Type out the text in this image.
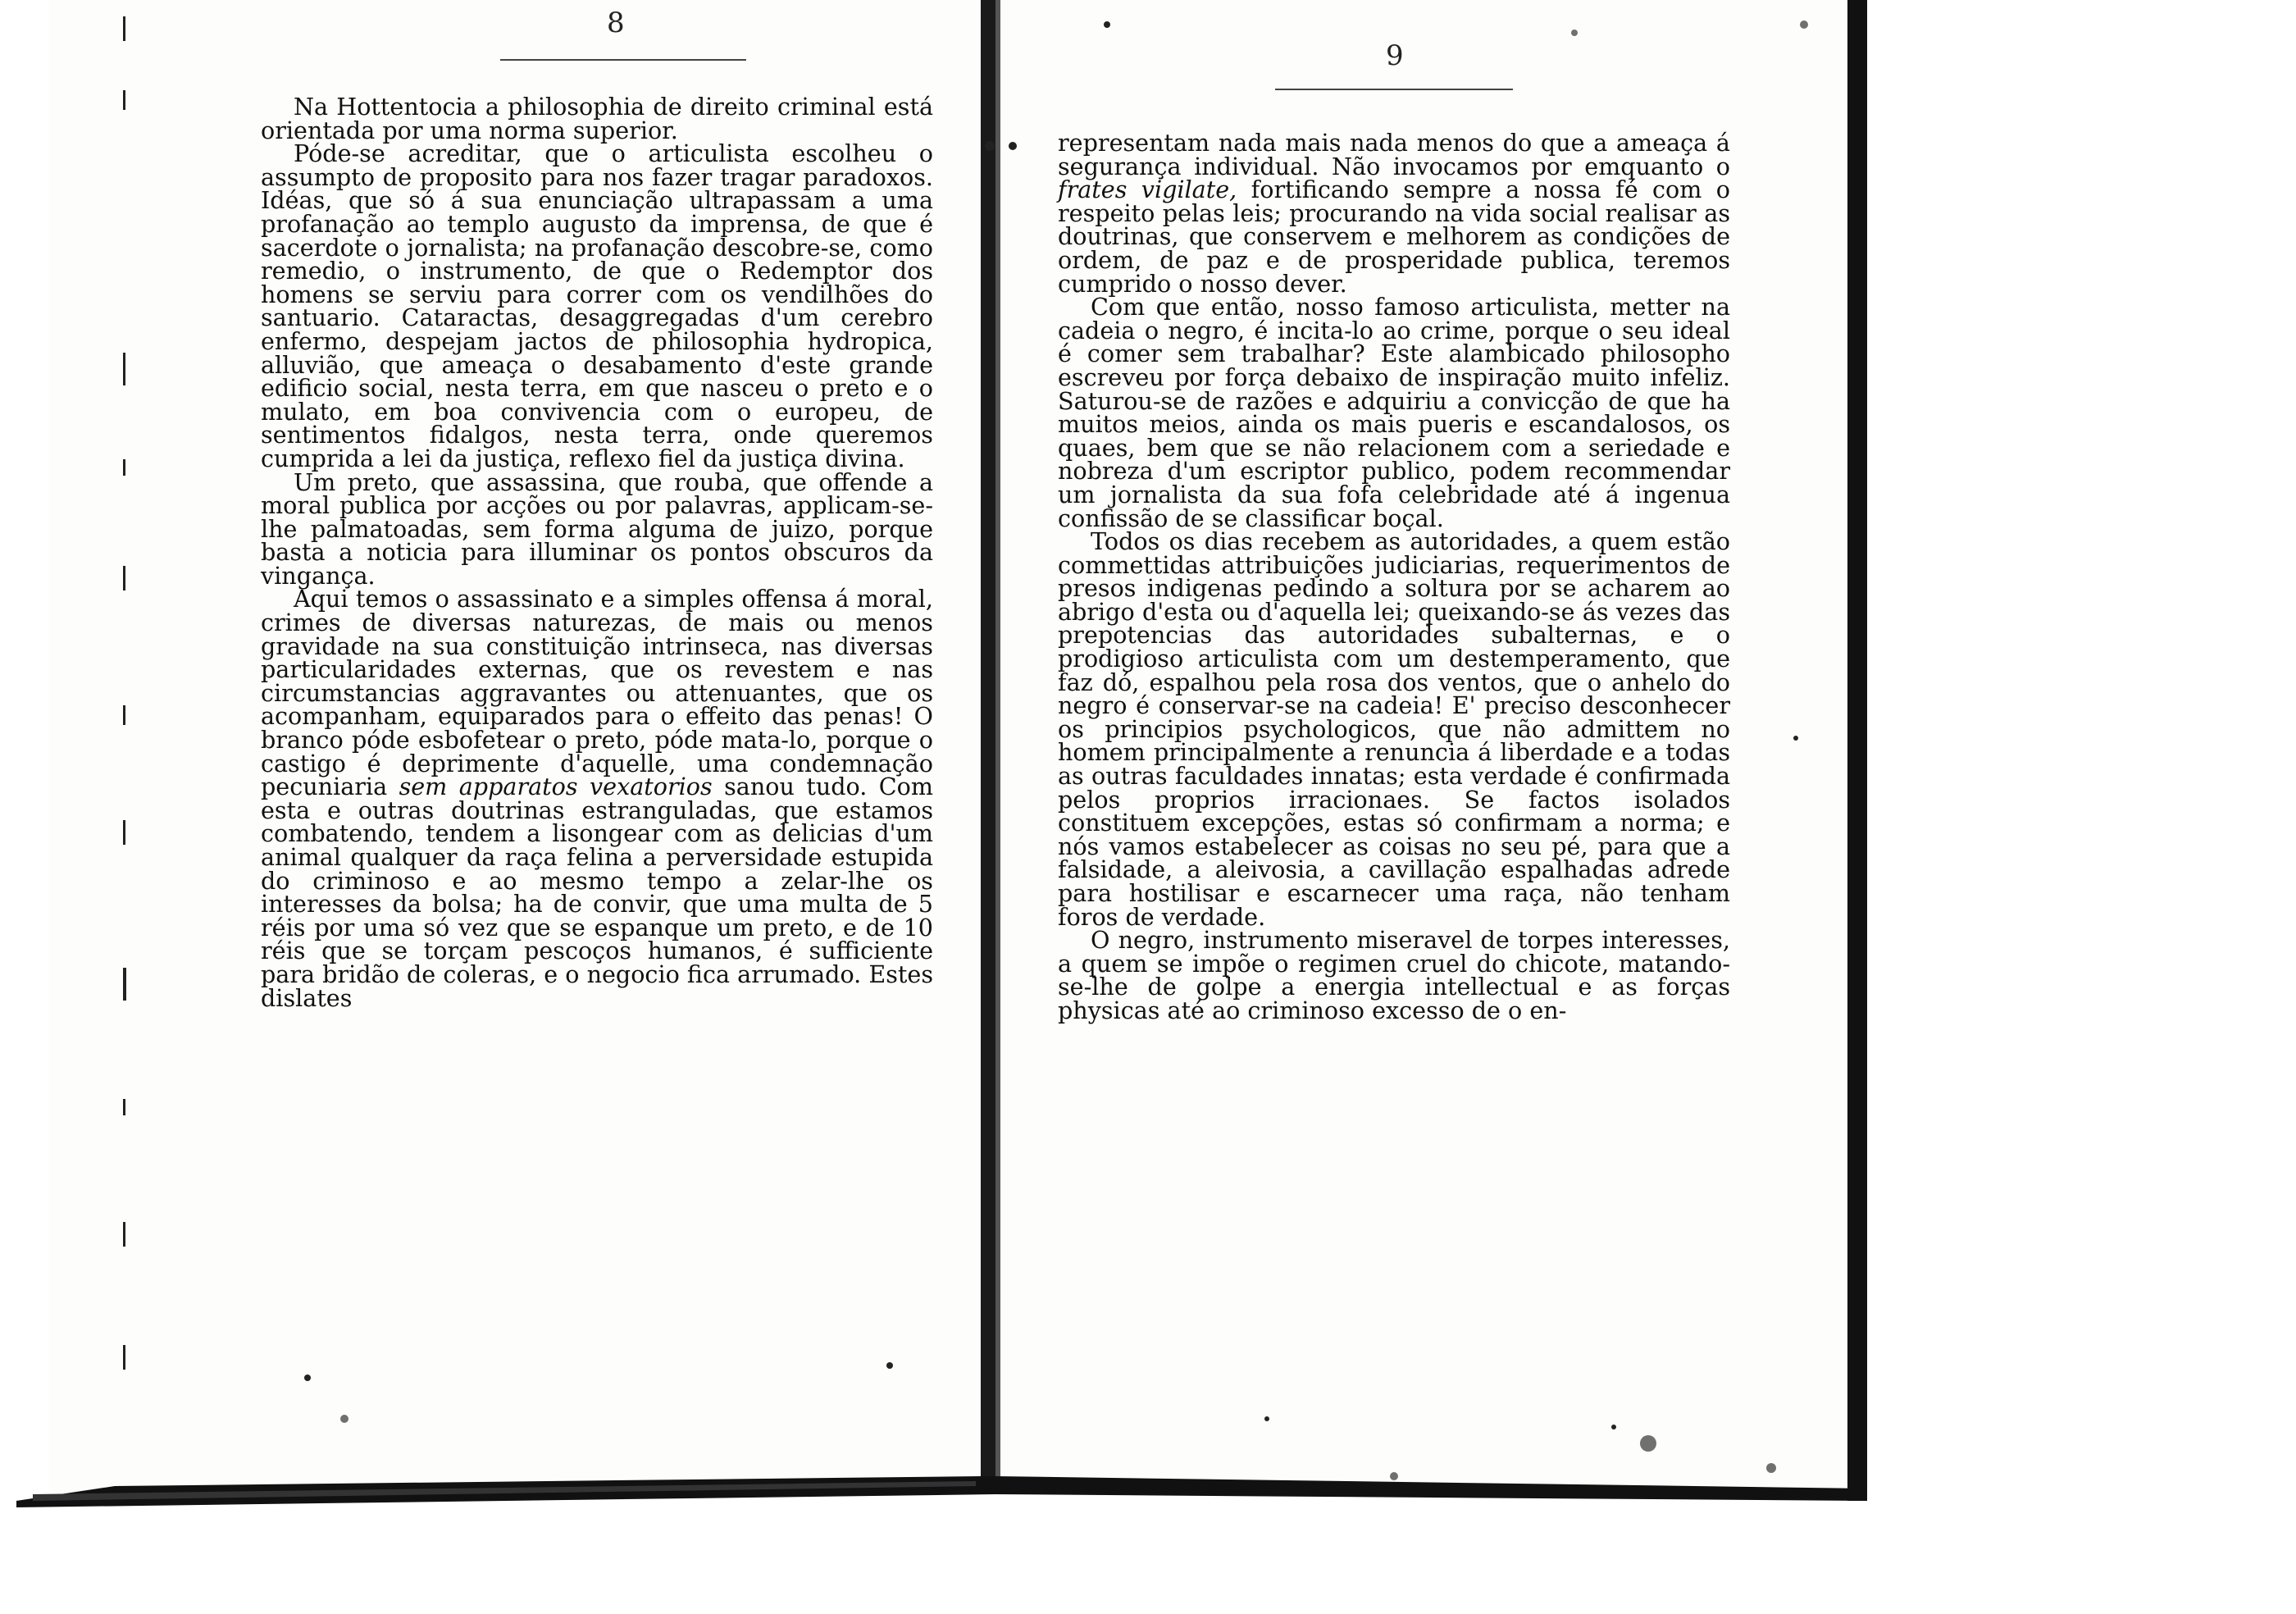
8

Na Hottentocia a philosophia de direito criminal está orientada por uma norma superior.

Póde-se acreditar, que o articulista escolheu o assumpto de proposito para nos fazer tragar paradoxos. Idéas, que só á sua enunciação ultrapassam a uma profanação ao templo augusto da imprensa, de que é sacerdote o jornalista; na profanação descobre-se, como remedio, o instrumento, de que o Redemptor dos homens se serviu para correr com os vendilhões do santuario. Cataractas, desaggregadas d'um cerebro enfermo, despejam jactos de philosophia hydropica, alluvião, que ameaça o desabamento d'este grande edificio social, nesta terra, em que nasceu o preto e o mulato, em boa convivencia com o europeu, de sentimentos fidalgos, nesta terra, onde queremos cumprida a lei da justiça, reflexo fiel da justiça divina.

Um preto, que assassina, que rouba, que offende a moral publica por acções ou por palavras, applicam-se-lhe palmatoadas, sem forma alguma de juizo, porque basta a noticia para illuminar os pontos obscuros da vingança.

Aqui temos o assassinato e a simples offensa á moral, crimes de diversas naturezas, de mais ou menos gravidade na sua constituição intrinseca, nas diversas particularidades externas, que os revestem e nas circumstancias aggravantes ou attenuantes, que os acompanham, equiparados para o effeito das penas! O branco póde esbofetear o preto, póde mata-lo, porque o castigo é deprimente d'aquelle, uma condemnação pecuniaria sem apparatos vexatorios sanou tudo. Com esta e outras doutrinas estranguladas, que estamos combatendo, tendem a lisongear com as delicias d'um animal qualquer da raça felina a perversidade estupida do criminoso e ao mesmo tempo a zelar-lhe os interesses da bolsa; ha de convir, que uma multa de 5 réis por uma só vez que se espanque um preto, e de 10 réis que se torçam pescoços humanos, é sufficiente para bridão de coleras, e o negocio fica arrumado. Estes dislates

9

representam nada mais nada menos do que a ameaça á segurança individual. Não invocamos por emquanto o frates vigilate, fortificando sempre a nossa fé com o respeito pelas leis; procurando na vida social realisar as doutrinas, que conservem e melhorem as condições de ordem, de paz e de prosperidade publica, teremos cumprido o nosso dever.

Com que então, nosso famoso articulista, metter na cadeia o negro, é incita-lo ao crime, porque o seu ideal é comer sem trabalhar? Este alambicado philosopho escreveu por força debaixo de inspiração muito infeliz. Saturou-se de razões e adquiriu a convicção de que ha muitos meios, ainda os mais pueris e escandalosos, os quaes, bem que se não relacionem com a seriedade e nobreza d'um escriptor publico, podem recommendar um jornalista da sua fofa celebridade até á ingenua confissão de se classificar boçal.

Todos os dias recebem as autoridades, a quem estão commettidas attribuições judiciarias, requerimentos de presos indigenas pedindo a soltura por se acharem ao abrigo d'esta ou d'aquella lei; queixando-se ás vezes das prepotencias das autoridades subalternas, e o prodigioso articulista com um destemperamento, que faz dó, espalhou pela rosa dos ventos, que o anhelo do negro é conservar-se na cadeia! E' preciso desconhecer os principios psychologicos, que não admittem no homem principalmente a renuncia á liberdade e a todas as outras faculdades innatas; esta verdade é confirmada pelos proprios irracionaes. Se factos isolados constituem excepções, estas só confirmam a norma; e nós vamos estabelecer as coisas no seu pé, para que a falsidade, a aleivosia, a cavillação espalhadas adrede para hostilisar e escarnecer uma raça, não tenham foros de verdade.

O negro, instrumento miseravel de torpes interesses, a quem se impõe o regimen cruel do chicote, matando-se-lhe de golpe a energia intellectual e as forças physicas até ao criminoso excesso de o en-
